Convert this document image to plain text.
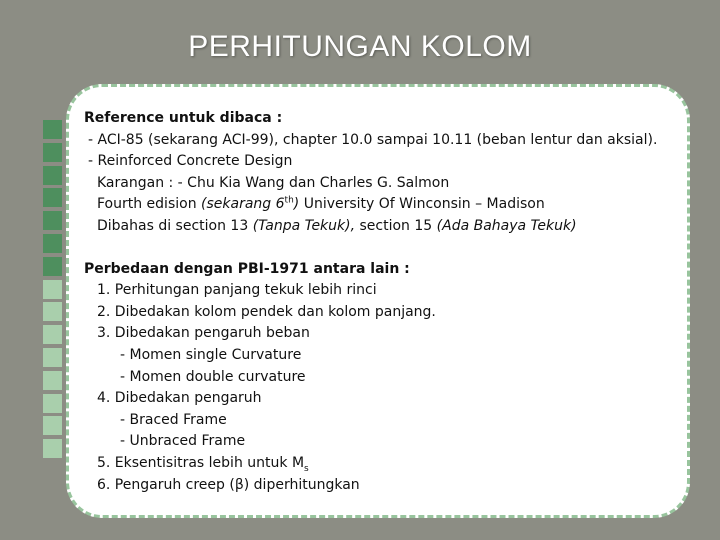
PERHITUNGAN KOLOM
Reference untuk dibaca :
- ACI-85 (sekarang ACI-99), chapter 10.0 sampai 10.11 (beban lentur dan aksial).
- Reinforced Concrete Design
Karangan : - Chu Kia Wang dan Charles G. Salmon
Fourth edision (sekarang 6th) University Of Winconsin – Madison
Dibahas di section 13 (Tanpa Tekuk), section 15 (Ada Bahaya Tekuk)
Perbedaan dengan PBI-1971 antara lain :
1. Perhitungan panjang tekuk lebih rinci
2. Dibedakan kolom pendek dan kolom panjang.
3. Dibedakan pengaruh beban
- Momen single Curvature
- Momen double curvature
4. Dibedakan pengaruh
- Braced Frame
- Unbraced Frame
5. Eksentisitras lebih untuk $M_s$
6. Pengaruh creep (β) diperhitungkan
